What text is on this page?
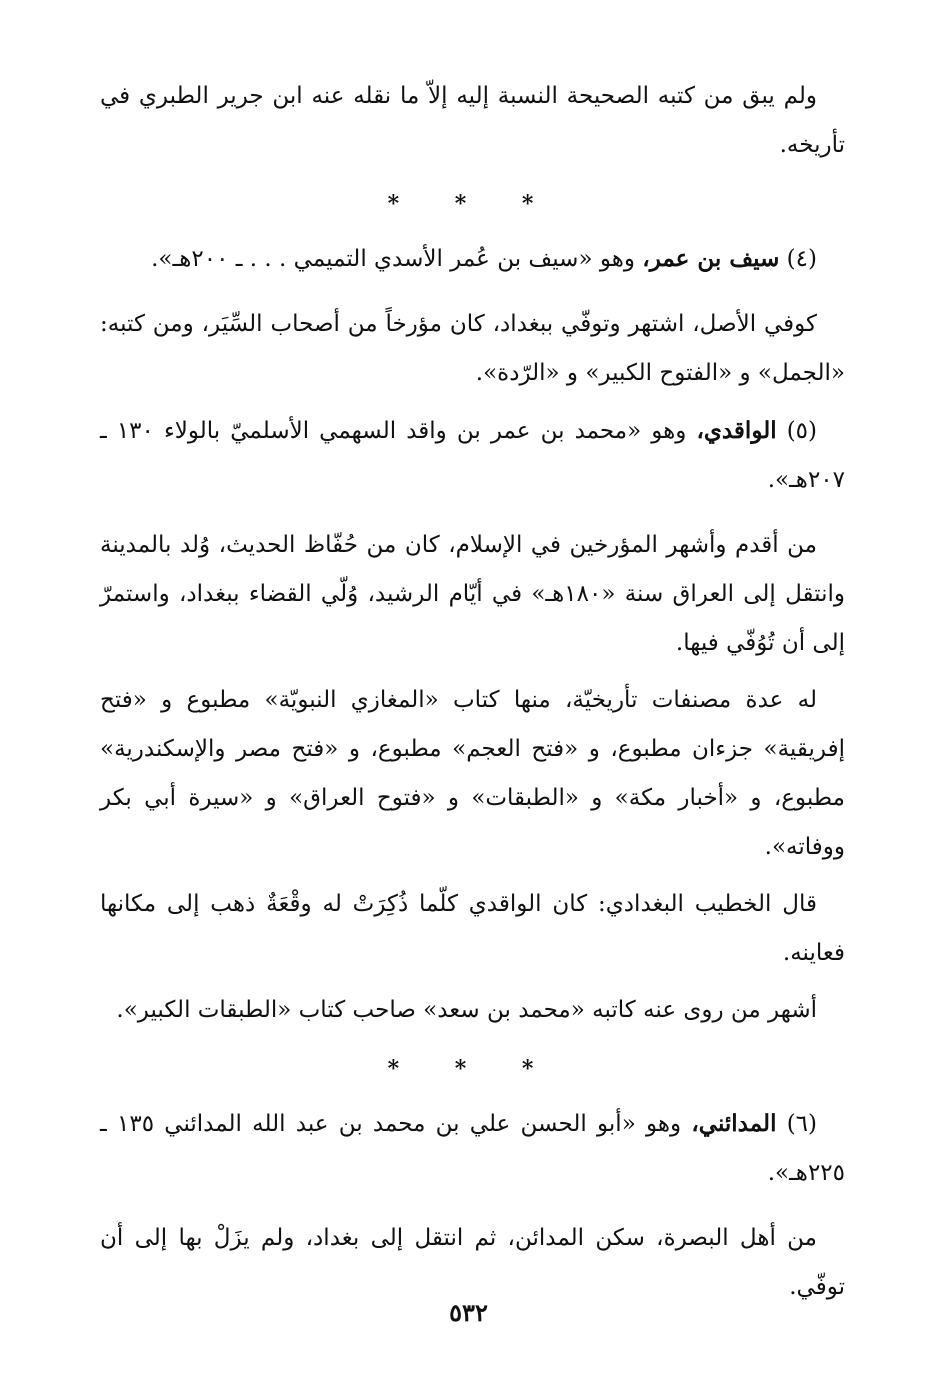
ولم يبق من كتبه الصحيحة النسبة إليه إلاّ ما نقله عنه ابن جرير الطبري في تأريخه.

* * *

(٤) سيف بن عمر، وهو «سيف بن عُمر الأسدي التميمي . . . ـ ٢٠٠هـ».

كوفي الأصل، اشتهر وتوفّي ببغداد، كان مؤرخاً من أصحاب السِّيَر، ومن كتبه: «الجمل» و «الفتوح الكبير» و «الرّدة».

(٥) الواقدي، وهو «محمد بن عمر بن واقد السهمي الأسلميّ بالولاء ١٣٠ ـ ٢٠٧هـ».

من أقدم وأشهر المؤرخين في الإسلام، كان من حُفّاظ الحديث، وُلد بالمدينة وانتقل إلى العراق سنة «١٨٠هـ» في أيّام الرشيد، وُلّي القضاء ببغداد، واستمرّ إلى أن تُوُفّي فيها.

له عدة مصنفات تأريخيّة، منها كتاب «المغازي النبويّة» مطبوع و «فتح إفريقية» جزءان مطبوع، و «فتح العجم» مطبوع، و «فتح مصر والإسكندرية» مطبوع، و «أخبار مكة» و «الطبقات» و «فتوح العراق» و «سيرة أبي بكر ووفاته».

قال الخطيب البغدادي: كان الواقدي كلّما ذُكِرَتْ له وقْعَةٌ ذهب إلى مكانها فعاينه.

أشهر من روى عنه كاتبه «محمد بن سعد» صاحب كتاب «الطبقات الكبير».

* * *

(٦) المدائني، وهو «أبو الحسن علي بن محمد بن عبد الله المدائني ١٣٥ ـ ٢٢٥هـ».

من أهل البصرة، سكن المدائن، ثم انتقل إلى بغداد، ولم يزَلْ بها إلى أن توفّي.

٥٣٢
